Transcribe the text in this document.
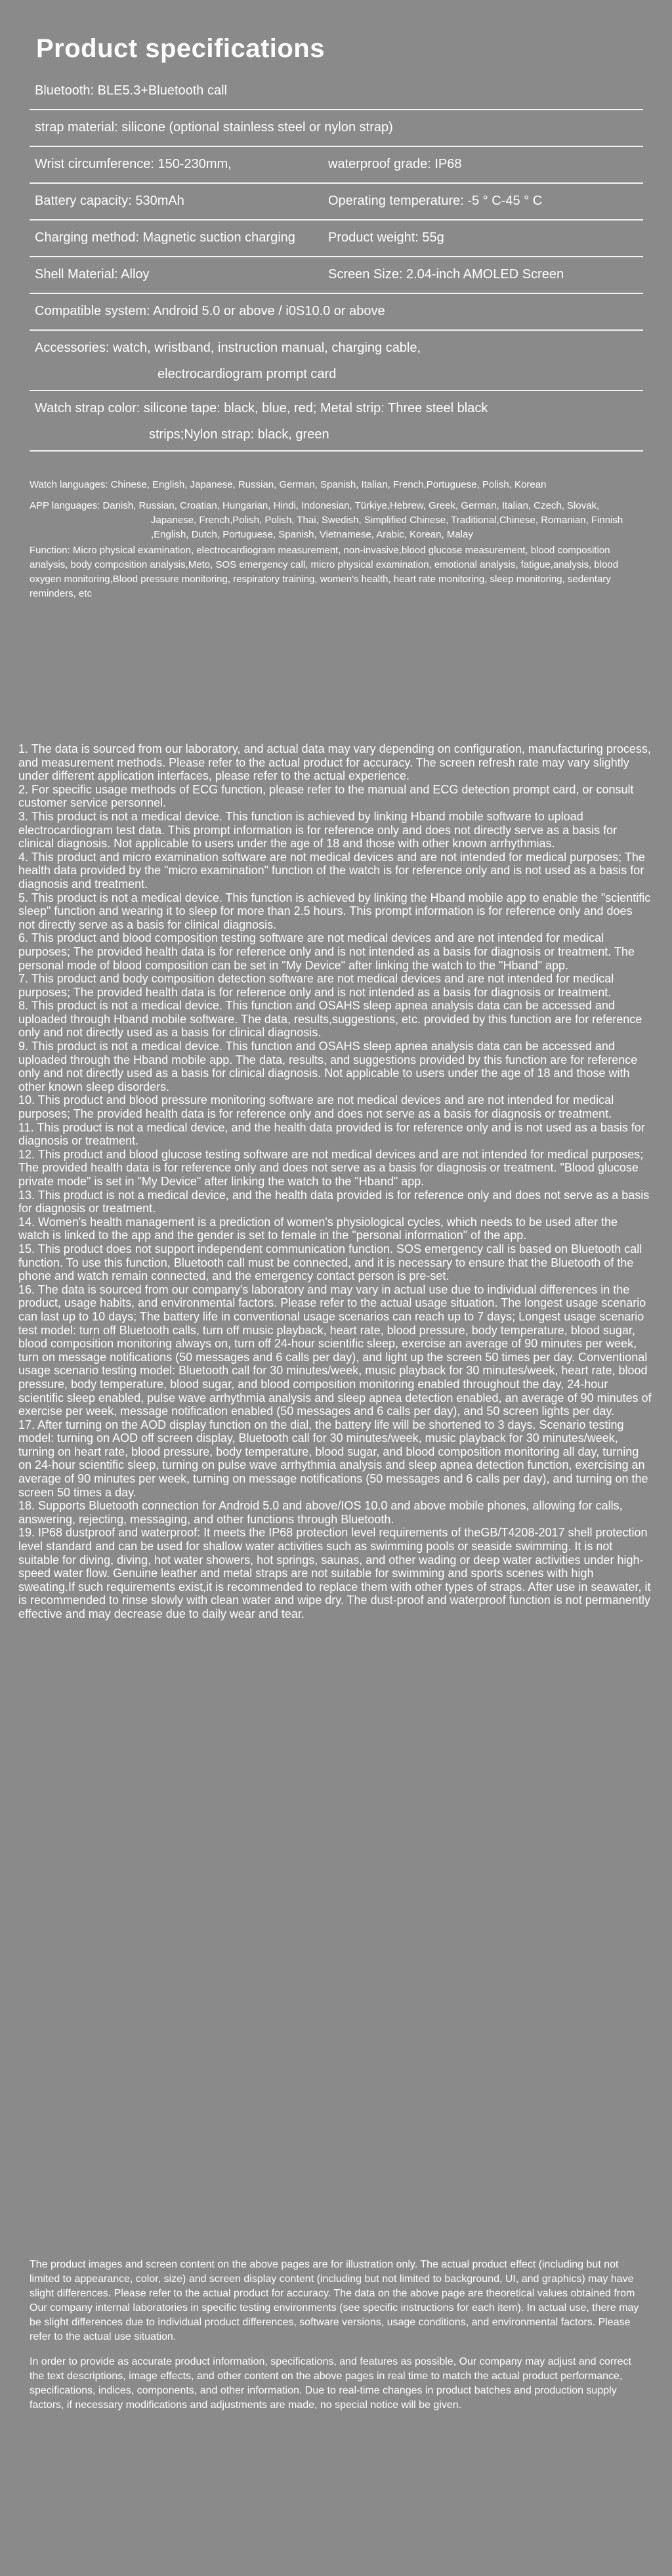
Product specifications
Bluetooth: BLE5.3+Bluetooth call
strap material: silicone (optional stainless steel or nylon strap)
Wrist circumference: 150-230mm,	waterproof grade: IP68
Battery capacity: 530mAh	Operating temperature: -5 ° C-45 ° C
Charging method: Magnetic suction charging	Product weight: 55g
Shell Material: Alloy	Screen Size: 2.04-inch AMOLED Screen
Compatible system: Android 5.0 or above / i0S10.0 or above
Accessories: watch, wristband, instruction manual, charging cable,
electrocardiogram prompt card
Watch strap color: silicone tape: black, blue, red; Metal strip: Three steel black
strips;Nylon strap: black, green
Watch languages: Chinese, English, Japanese, Russian, German, Spanish, Italian, French,Portuguese, Polish, Korean
APP languages: Danish, Russian, Croatian, Hungarian, Hindi, Indonesian, Türkiye,Hebrew, Greek, German, Italian, Czech, Slovak, Japanese, French,Polish, Polish, Thai, Swedish, Simplified Chinese, Traditional,Chinese, Romanian, Finnish ,English, Dutch, Portuguese, Spanish, Vietnamese, Arabic, Korean, Malay
Function: Micro physical examination, electrocardiogram measurement, non-invasive,blood glucose measurement, blood composition analysis, body composition analysis,Meto, SOS emergency call, micro physical examination, emotional analysis, fatigue,analysis, blood oxygen monitoring,Blood pressure monitoring, respiratory training, women's health, heart rate monitoring, sleep monitoring, sedentary reminders, etc

1. The data is sourced from our laboratory, and actual data may vary depending on configuration, manufacturing process, and measurement methods. Please refer to the actual product for accuracy. The screen refresh rate may vary slightly under different application interfaces, please refer to the actual experience.

2. For specific usage methods of ECG function, please refer to the manual and ECG detection prompt card, or consult customer service personnel.

3. This product is not a medical device. This function is achieved by linking Hband mobile software to upload electrocardiogram test data. This prompt information is for reference only and does not directly serve as a basis for clinical diagnosis. Not applicable to users under the age of 18 and those with other known arrhythmias.

4. This product and micro examination software are not medical devices and are not intended for medical purposes; The health data provided by the "micro examination" function of the watch is for reference only and is not used as a basis for diagnosis and treatment.

5. This product is not a medical device. This function is achieved by linking the Hband mobile app to enable the "scientific sleep" function and wearing it to sleep for more than 2.5 hours. This prompt information is for reference only and does not directly serve as a basis for clinical diagnosis.

6. This product and blood composition testing software are not medical devices and are not intended for medical purposes; The provided health data is for reference only and is not intended as a basis for diagnosis or treatment. The personal mode of blood composition can be set in "My Device" after linking the watch to the "Hband" app.

7. This product and body composition detection software are not medical devices and are not intended for medical purposes; The provided health data is for reference only and is not intended as a basis for diagnosis or treatment.

8. This product is not a medical device. This function and OSAHS sleep apnea analysis data can be accessed and uploaded through Hband mobile software. The data, results,suggestions, etc. provided by this function are for reference only and not directly used as a basis for clinical diagnosis.

9. This product is not a medical device. This function and OSAHS sleep apnea analysis data can be accessed and uploaded through the Hband mobile app. The data, results, and suggestions provided by this function are for reference only and not directly used as a basis for clinical diagnosis. Not applicable to users under the age of 18 and those with other known sleep disorders.

10. This product and blood pressure monitoring software are not medical devices and are not intended for medical purposes; The provided health data is for reference only and does not serve as a basis for diagnosis or treatment.

11. This product is not a medical device, and the health data provided is for reference only and is not used as a basis for diagnosis or treatment.

12. This product and blood glucose testing software are not medical devices and are not intended for medical purposes; The provided health data is for reference only and does not serve as a basis for diagnosis or treatment. "Blood glucose private mode" is set in "My Device" after linking the watch to the "Hband" app.

13. This product is not a medical device, and the health data provided is for reference only and does not serve as a basis for diagnosis or treatment.

14. Women's health management is a prediction of women's physiological cycles, which needs to be used after the watch is linked to the app and the gender is set to female in the "personal information" of the app.

15. This product does not support independent communication function. SOS emergency call is based on Bluetooth call function. To use this function, Bluetooth call must be connected, and it is necessary to ensure that the Bluetooth of the phone and watch remain connected, and the emergency contact person is pre-set.

16. The data is sourced from our company's laboratory and may vary in actual use due to individual differences in the product, usage habits, and environmental factors. Please refer to the actual usage situation. The longest usage scenario can last up to 10 days; The battery life in conventional usage scenarios can reach up to 7 days; Longest usage scenario test model: turn off Bluetooth calls, turn off music playback, heart rate, blood pressure, body temperature, blood sugar, blood composition monitoring always on, turn off 24-hour scientific sleep, exercise an average of 90 minutes per week, turn on message notifications (50 messages and 6 calls per day), and light up the screen 50 times per day. Conventional usage scenario testing model: Bluetooth call for 30 minutes/week, music playback for 30 minutes/week, heart rate, blood pressure, body temperature, blood sugar, and blood composition monitoring enabled throughout the day, 24-hour scientific sleep enabled, pulse wave arrhythmia analysis and sleep apnea detection enabled, an average of 90 minutes of exercise per week, message notification enabled (50 messages and 6 calls per day), and 50 screen lights per day.

17. After turning on the AOD display function on the dial, the battery life will be shortened to 3 days. Scenario testing model: turning on AOD off screen display, Bluetooth call for 30 minutes/week, music playback for 30 minutes/week, turning on heart rate, blood pressure, body temperature, blood sugar, and blood composition monitoring all day, turning on 24-hour scientific sleep, turning on pulse wave arrhythmia analysis and sleep apnea detection function, exercising an average of 90 minutes per week, turning on message notifications (50 messages and 6 calls per day), and turning on the screen 50 times a day.

18. Supports Bluetooth connection for Android 5.0 and above/IOS 10.0 and above mobile phones, allowing for calls, answering, rejecting, messaging, and other functions through Bluetooth.

19. IP68 dustproof and waterproof: It meets the IP68 protection level requirements of theGB/T4208-2017 shell protection level standard and can be used for shallow water activities such as swimming pools or seaside swimming. It is not suitable for diving, diving, hot water showers, hot springs, saunas, and other wading or deep water activities under high-speed water flow. Genuine leather and metal straps are not suitable for swimming and sports scenes with high sweating.If such requirements exist,it is recommended to replace them with other types of straps. After use in seawater, it is recommended to rinse slowly with clean water and wipe dry. The dust-proof and waterproof function is not permanently effective and may decrease due to daily wear and tear.

The product images and screen content on the above pages are for illustration only. The actual product effect (including but not limited to appearance, color, size) and screen display content (including but not limited to background, UI, and graphics) may have slight differences. Please refer to the actual product for accuracy. The data on the above page are theoretical values obtained from Our company internal laboratories in specific testing environments (see specific instructions for each item). In actual use, there may be slight differences due to individual product differences, software versions, usage conditions, and environmental factors. Please refer to the actual use situation.

In order to provide as accurate product information, specifications, and features as possible, Our company may adjust and correct the text descriptions, image effects, and other content on the above pages in real time to match the actual product performance, specifications, indices, components, and other information. Due to real-time changes in product batches and production supply factors, if necessary modifications and adjustments are made, no special notice will be given.
